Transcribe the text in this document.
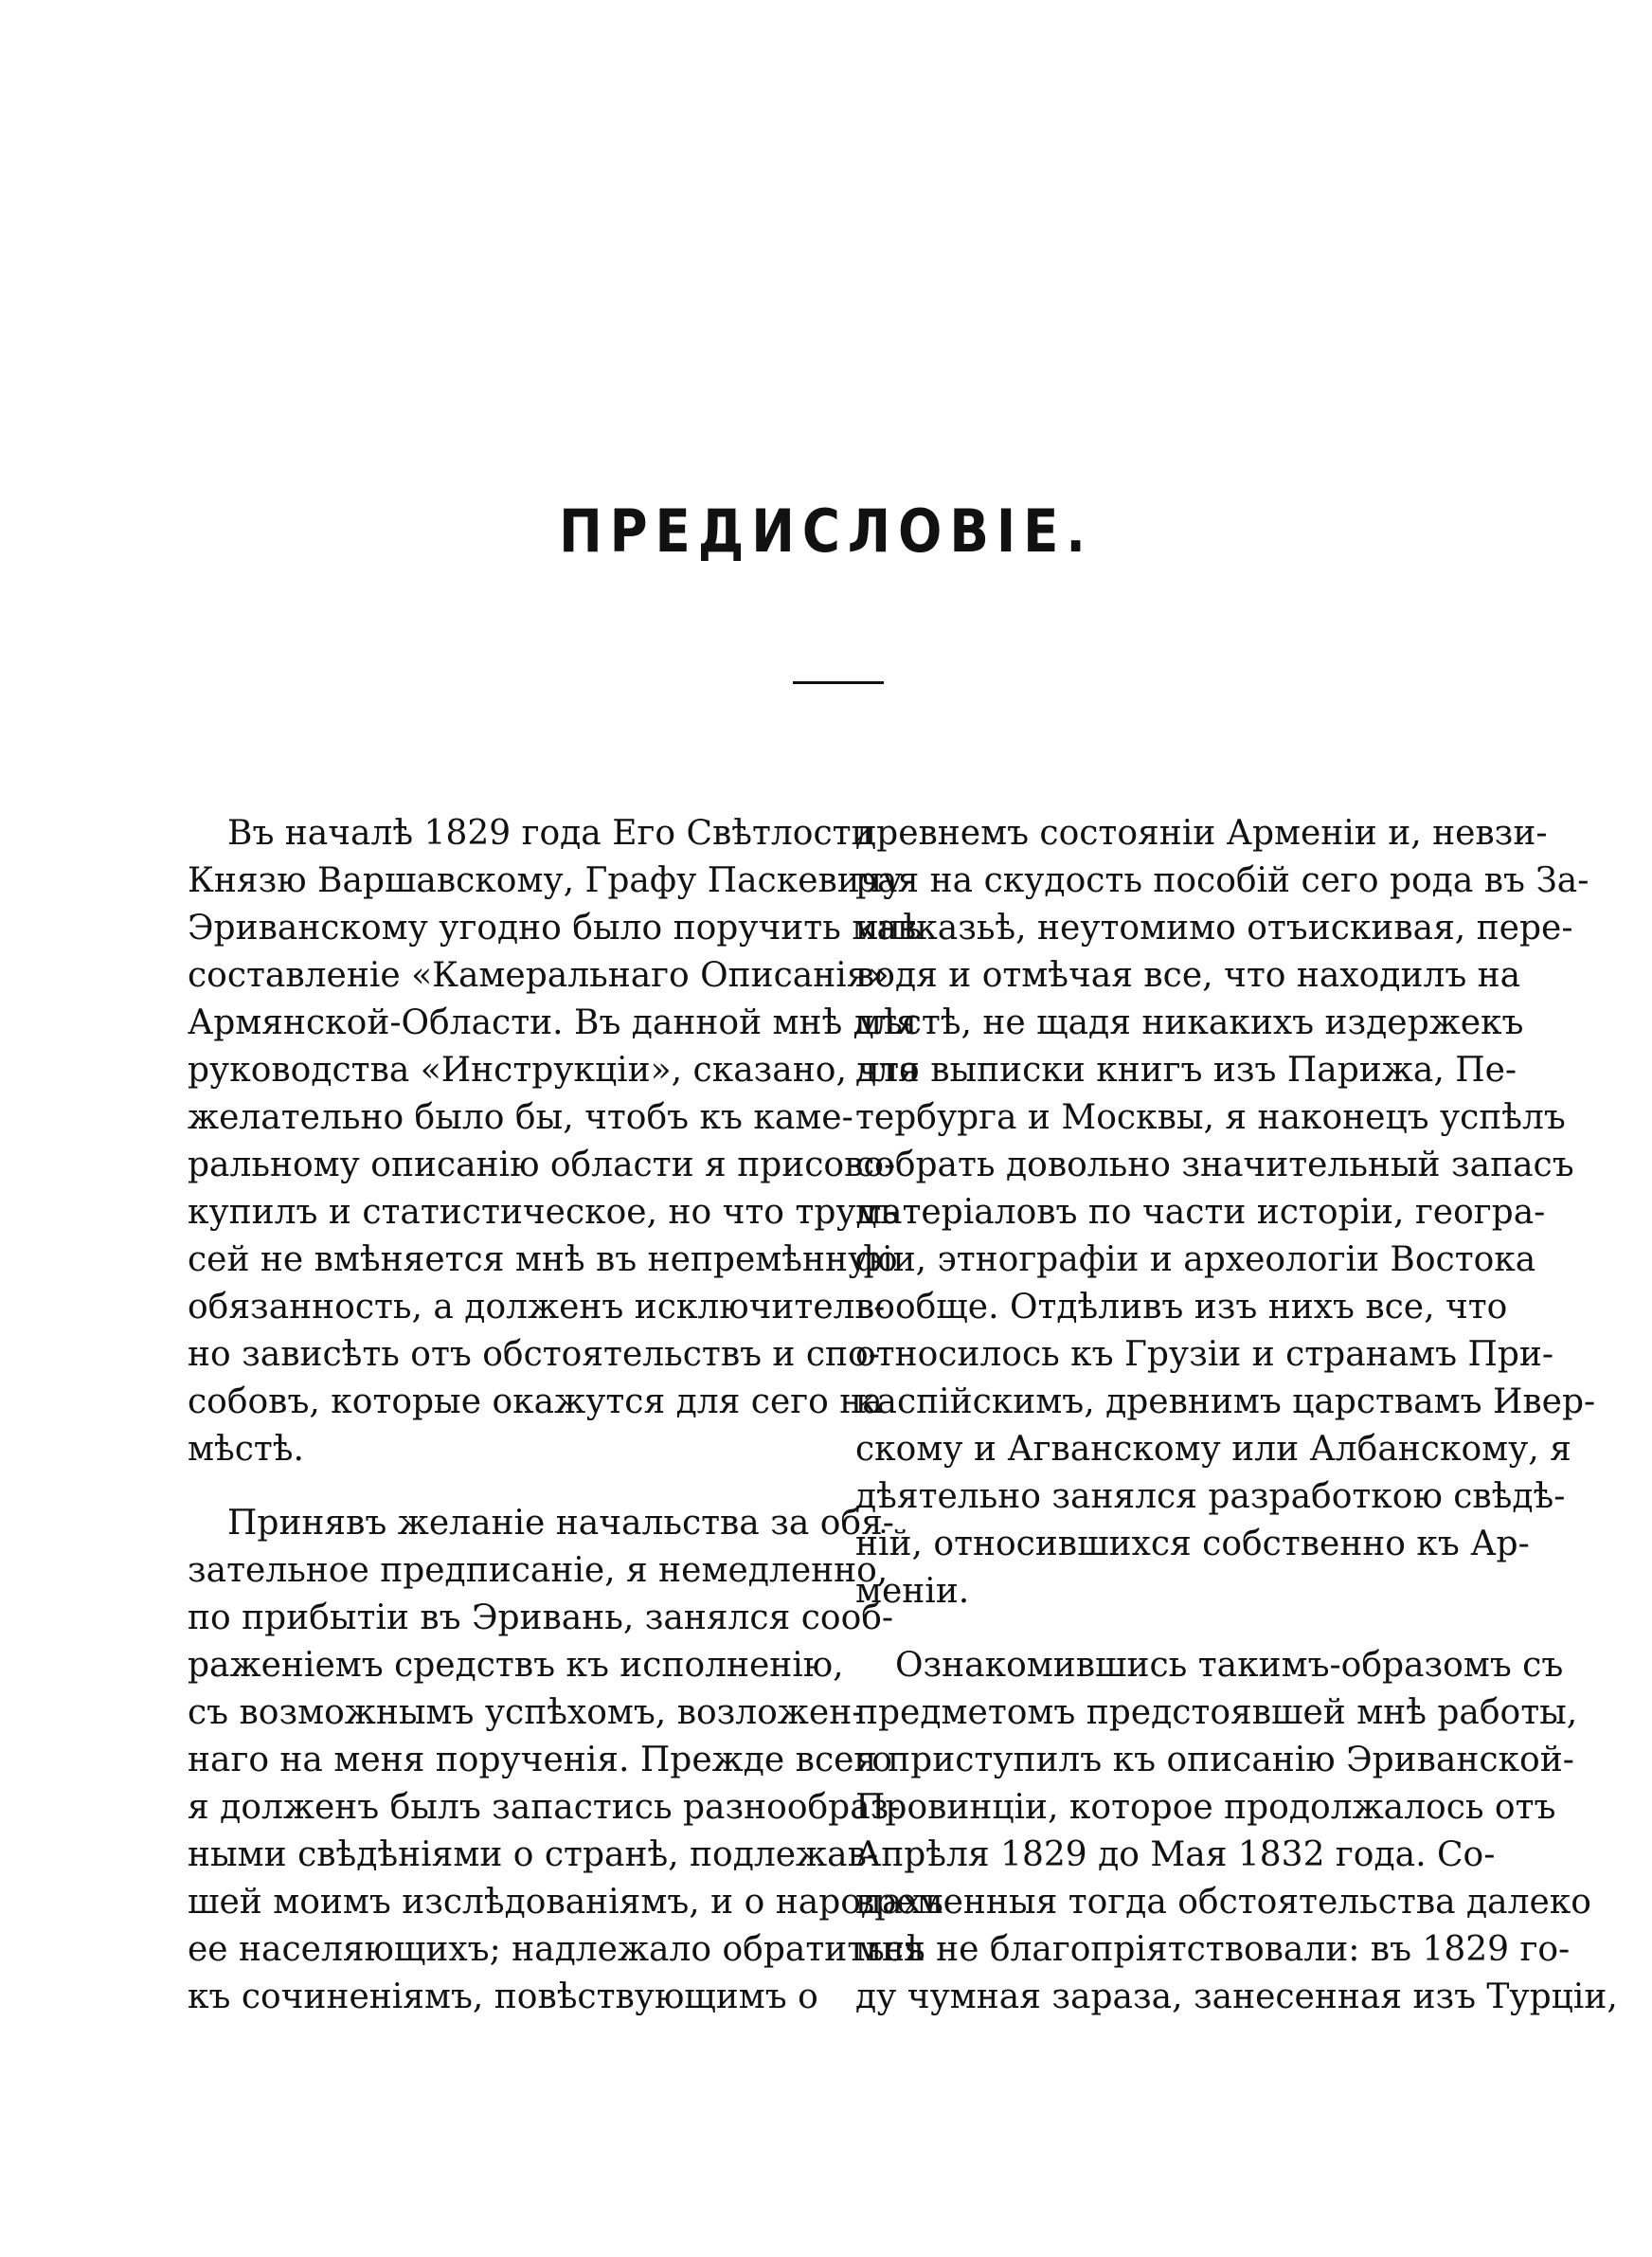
ПРЕДИСЛОВІЕ.
Въ началѣ 1829 года Его Свѣтлости
Князю Варшавскому, Графу Паскевичу-
Эриванскому угодно было поручить мнѣ
составленіе «Камеральнаго Описанія»
Армянской-Области. Въ данной мнѣ для
руководства «Инструкціи», сказано, что
желательно было бы, чтобъ къ каме-
ральному описанію области я присово-
купилъ и статистическое, но что трудъ
сей не вмѣняется мнѣ въ непремѣнную
обязанность, а долженъ исключитель-
но зависѣть отъ обстоятельствъ и спо-
собовъ, которые окажутся для сего на
мѣстѣ.
Принявъ желаніе начальства за обя-
зательное предписаніе, я немедленно,
по прибытіи въ Эривань, занялся сооб-
раженіемъ средствъ къ исполненію,
съ возможнымъ успѣхомъ, возложен-
наго на меня порученія. Прежде всего
я долженъ былъ запастись разнообраз-
ными свѣдѣніями о странѣ, подлежав-
шей моимъ изслѣдованіямъ, и о народахъ
ее населяющихъ; надлежало обратиться
къ сочиненіямъ, повѣствующимъ о
древнемъ состояніи Арменіи и, невзи-
рая на скудость пособій сего рода въ За-
кавказьѣ, неутомимо отъискивая, пере-
водя и отмѣчая все, что находилъ на
мѣстѣ, не щадя никакихъ издержекъ
для выписки книгъ изъ Парижа, Пе-
тербурга и Москвы, я наконецъ успѣлъ
собрать довольно значительный запасъ
матеріаловъ по части исторіи, геогра-
фіи, этнографіи и археологіи Востока
вообще. Отдѣливъ изъ нихъ все, что
относилось къ Грузіи и странамъ При-
каспійскимъ, древнимъ царствамъ Ивер-
скому и Агванскому или Албанскому, я
дѣятельно занялся разработкою свѣдѣ-
ній, относившихся собственно къ Ар-
меніи.
Ознакомившись такимъ-образомъ съ
предметомъ предстоявшей мнѣ работы,
я приступилъ къ описанію Эриванской-
Провинціи, которое продолжалось отъ
Апрѣля 1829 до Мая 1832 года. Со-
временныя тогда обстоятельства далеко
мнѣ не благопріятствовали: въ 1829 го-
ду чумная зараза, занесенная изъ Турціи,
